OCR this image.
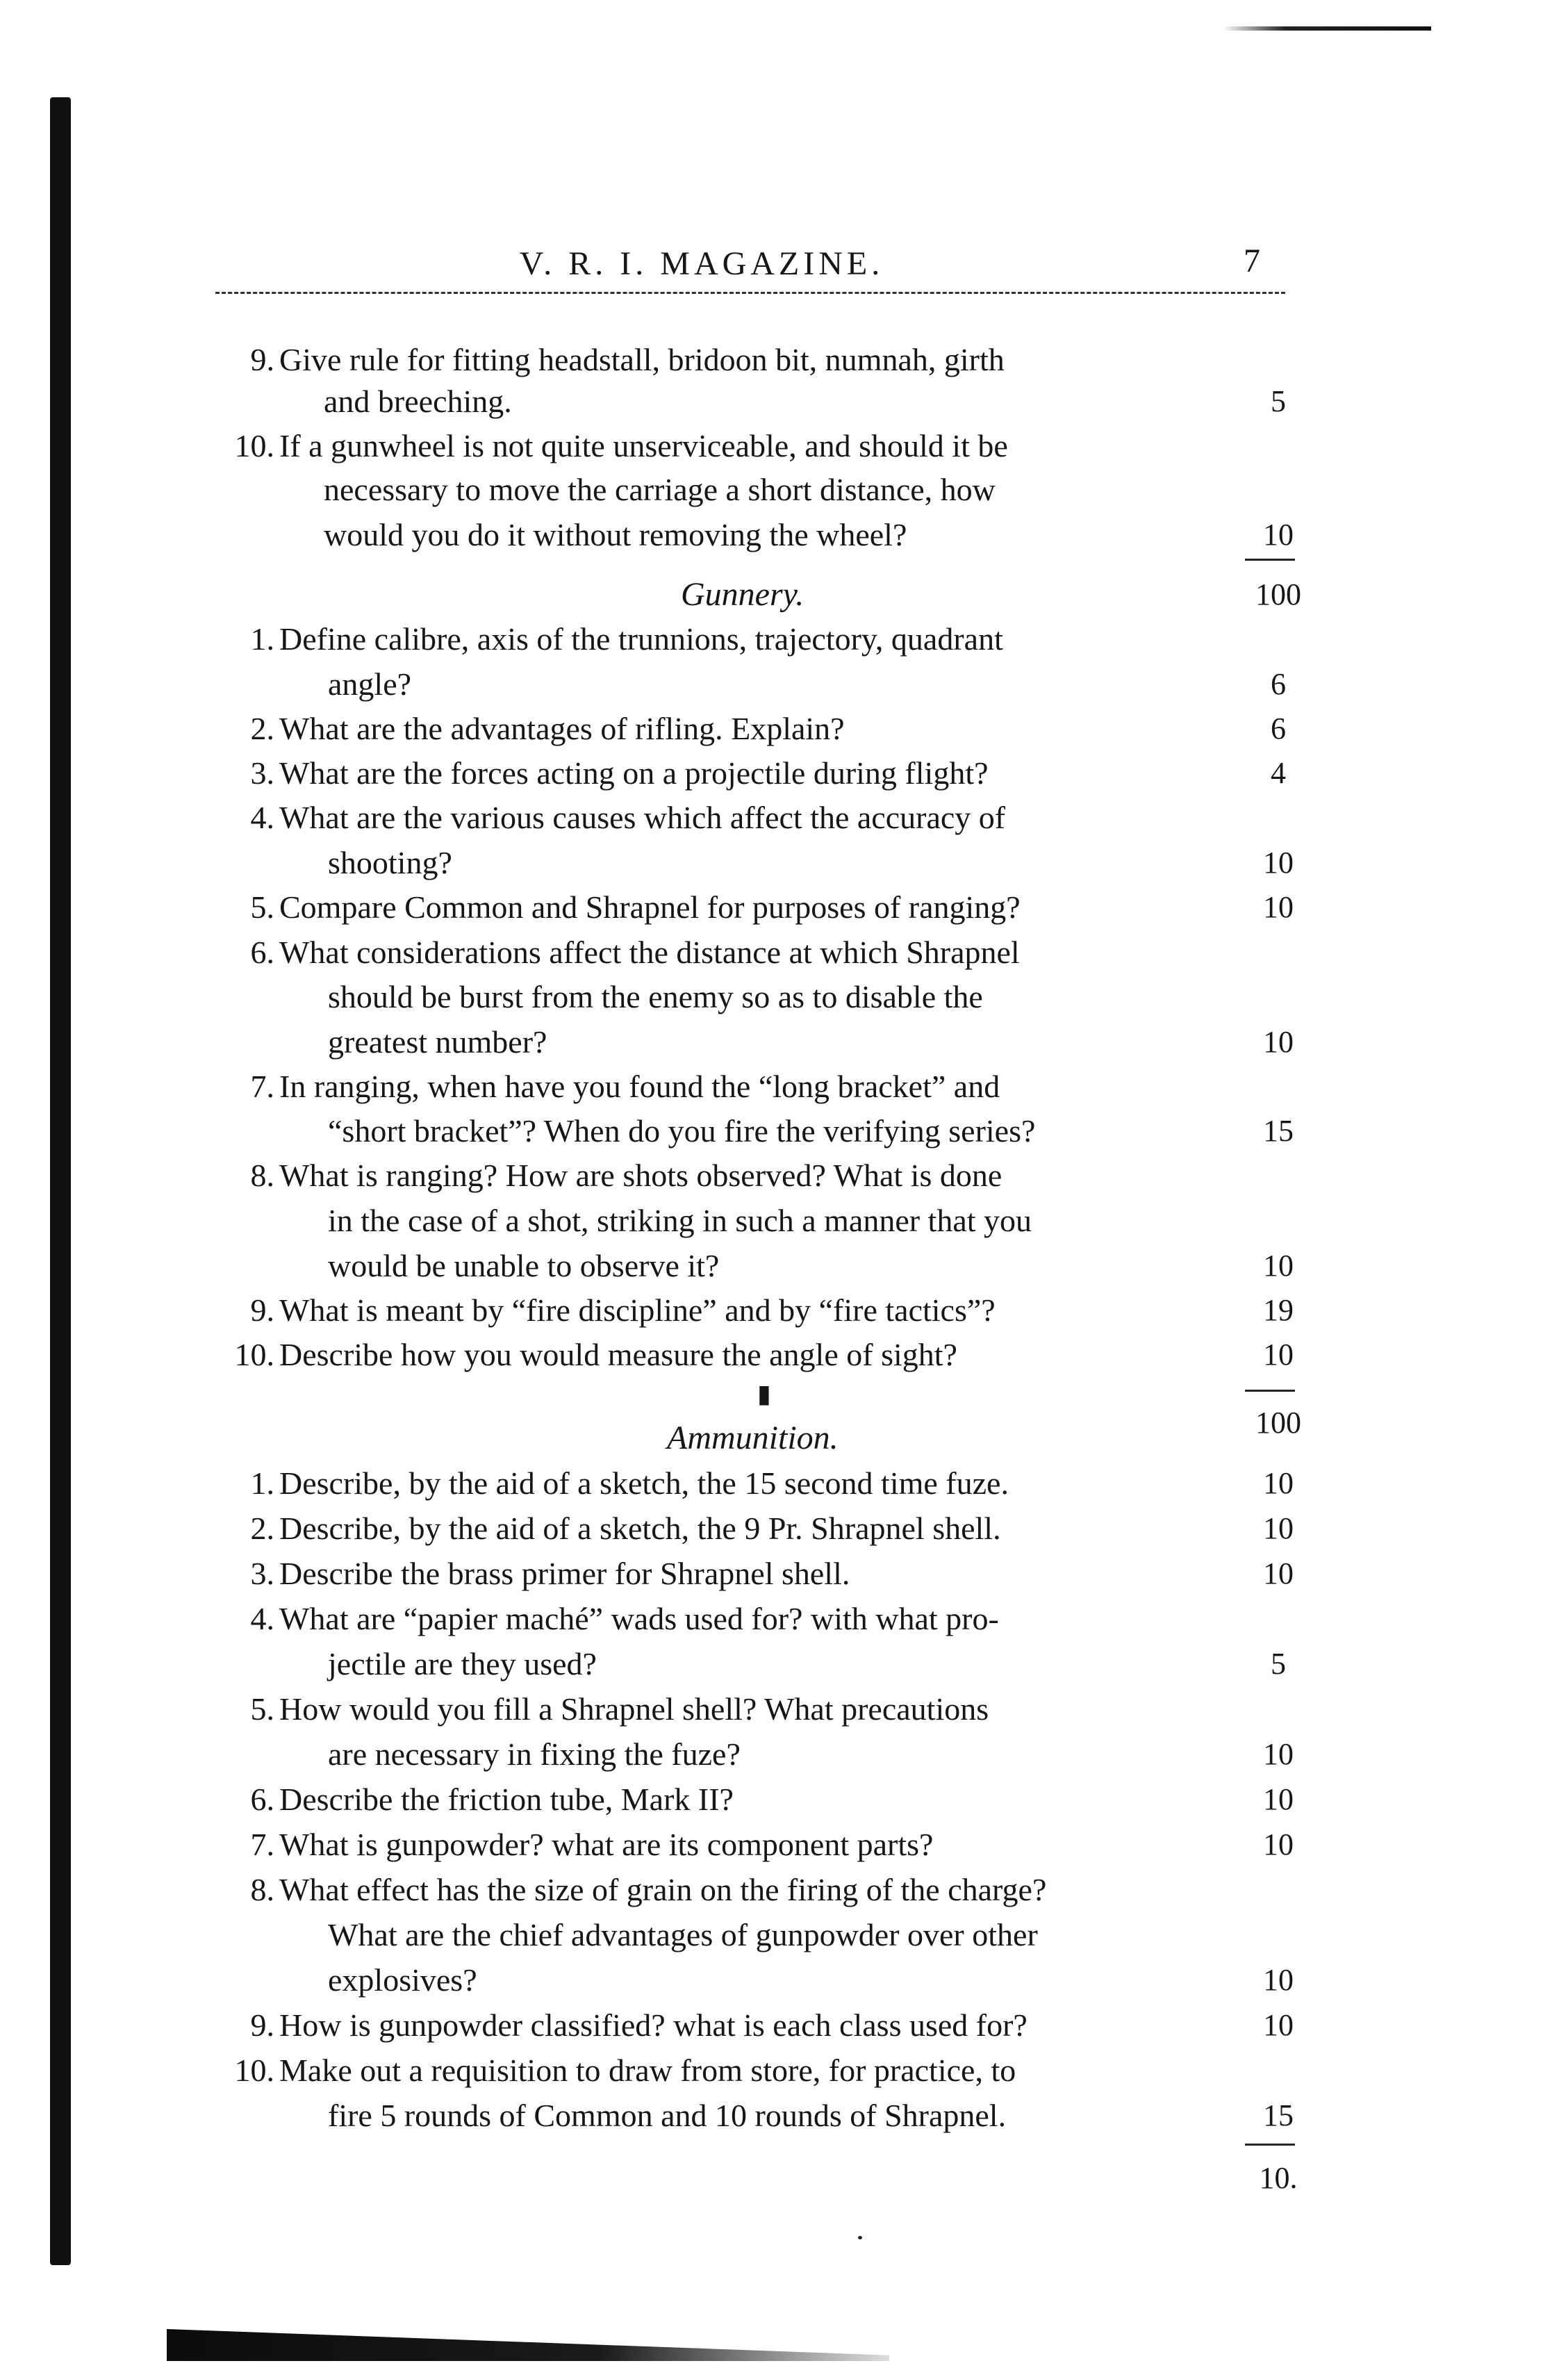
V. R. I. MAGAZINE.	7
9. Give rule for fitting headstall, bridoon bit, numnah, girth
and breeching.	5
10. If a gunwheel is not quite unserviceable, and should it be
necessary to move the carriage a short distance, how
would you do it without removing the wheel?	10
100
Gunnery.
1. Define calibre, axis of the trunnions, trajectory, quadrant
angle?	6
2. What are the advantages of rifling. Explain?	6
3. What are the forces acting on a projectile during flight?	4
4. What are the various causes which affect the accuracy of
shooting?	10
5. Compare Common and Shrapnel for purposes of ranging?	10
6. What considerations affect the distance at which Shrapnel
should be burst from the enemy so as to disable the
greatest number?	10
7. In ranging, when have you found the “long bracket” and
“short bracket”? When do you fire the verifying series?	15
8. What is ranging? How are shots observed? What is done
in the case of a shot, striking in such a manner that you
would be unable to observe it?	10
9. What is meant by “fire discipline” and by “fire tactics”?	19
10. Describe how you would measure the angle of sight?	10
▮
100
Ammunition.
1. Describe, by the aid of a sketch, the 15 second time fuze.	10
2. Describe, by the aid of a sketch, the 9 Pr. Shrapnel shell.	10
3. Describe the brass primer for Shrapnel shell.	10
4. What are “papier maché” wads used for? with what pro-
jectile are they used?	5
5. How would you fill a Shrapnel shell? What precautions
are necessary in fixing the fuze?	10
6. Describe the friction tube, Mark II?	10
7. What is gunpowder? what are its component parts?	10
8. What effect has the size of grain on the firing of the charge?
What are the chief advantages of gunpowder over other
explosives?	10
9. How is gunpowder classified? what is each class used for?	10
10. Make out a requisition to draw from store, for practice, to
fire 5 rounds of Common and 10 rounds of Shrapnel.	15
10.
